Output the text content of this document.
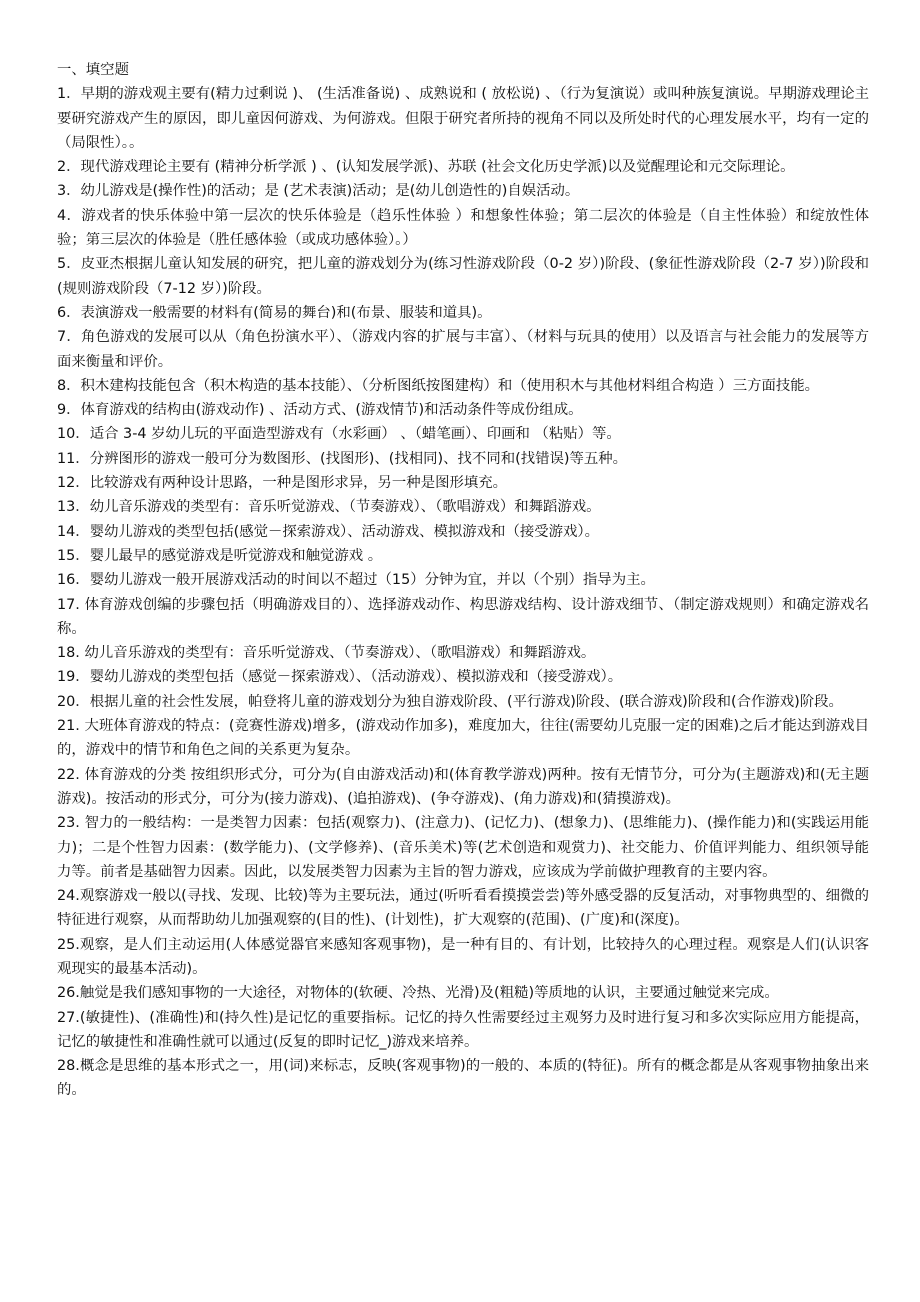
一、填空题

1．早期的游戏观主要有(精力过剩说 )、 (生活准备说) 、成熟说和 ( 放松说) 、（行为复演说）或叫种族复演说。早期游戏理论主要研究游戏产生的原因，即儿童因何游戏、为何游戏。但限于研究者所持的视角不同以及所处时代的心理发展水平，均有一定的（局限性）。。

2．现代游戏理论主要有 (精神分析学派 ) 、(认知发展学派)、苏联 (社会文化历史学派)以及觉醒理论和元交际理论。

3．幼儿游戏是(操作性)的活动；是 (艺术表演)活动；是(幼儿创造性的)自娱活动。

4．游戏者的快乐体验中第一层次的快乐体验是（趋乐性体验 ）和想象性体验；第二层次的体验是（自主性体验）和绽放性体验；第三层次的体验是（胜任感体验（或成功感体验）。）

5．皮亚杰根据儿童认知发展的研究，把儿童的游戏划分为(练习性游戏阶段（0-2 岁）)阶段、(象征性游戏阶段（2-7 岁）)阶段和(规则游戏阶段（7-12 岁）)阶段。

6．表演游戏一般需要的材料有(简易的舞台)和(布景、服装和道具)。

7．角色游戏的发展可以从（角色扮演水平）、（游戏内容的扩展与丰富）、（材料与玩具的使用）以及语言与社会能力的发展等方面来衡量和评价。

8．积木建构技能包含（积木构造的基本技能）、（分析图纸按图建构）和（使用积木与其他材料组合构造 ）三方面技能。

9．体育游戏的结构由(游戏动作) 、活动方式、(游戏情节)和活动条件等成份组成。

10．适合 3-4 岁幼儿玩的平面造型游戏有（水彩画） 、（蜡笔画）、印画和 （粘贴）等。

11．分辨图形的游戏一般可分为数图形、(找图形)、(找相同)、找不同和(找错误)等五种。

12．比较游戏有两种设计思路，一种是图形求异，另一种是图形填充。

13．幼儿音乐游戏的类型有：音乐听觉游戏、（节奏游戏）、（歌唱游戏）和舞蹈游戏。

14．婴幼儿游戏的类型包括(感觉－探索游戏）、活动游戏、模拟游戏和（接受游戏）。

15．婴儿最早的感觉游戏是听觉游戏和触觉游戏 。

16．婴幼儿游戏一般开展游戏活动的时间以不超过（15）分钟为宜，并以（个别）指导为主。

17. 体育游戏创编的步骤包括（明确游戏目的）、选择游戏动作、构思游戏结构、设计游戏细节、（制定游戏规则）和确定游戏名称。

18. 幼儿音乐游戏的类型有：音乐听觉游戏、（节奏游戏）、（歌唱游戏）和舞蹈游戏。

19．婴幼儿游戏的类型包括（感觉－探索游戏）、（活动游戏）、模拟游戏和（接受游戏）。

20．根据儿童的社会性发展，帕登将儿童的游戏划分为独自游戏阶段、(平行游戏)阶段、(联合游戏)阶段和(合作游戏)阶段。

21. 大班体育游戏的特点：(竞赛性游戏)增多，(游戏动作加多)，难度加大，往往(需要幼儿克服一定的困难)之后才能达到游戏目的，游戏中的情节和角色之间的关系更为复杂。

22. 体育游戏的分类 按组织形式分，可分为(自由游戏活动)和(体育教学游戏)两种。按有无情节分，可分为(主题游戏)和(无主题游戏)。按活动的形式分，可分为(接力游戏)、(追拍游戏)、(争夺游戏)、(角力游戏)和(猜摸游戏)。

23. 智力的一般结构：一是类智力因素：包括(观察力)、(注意力)、(记忆力)、(想象力)、(思维能力)、(操作能力)和(实践运用能力)；二是个性智力因素：(数学能力)、(文学修养)、(音乐美术)等(艺术创造和观赏力)、社交能力、价值评判能力、组织领导能力等。前者是基础智力因素。因此，以发展类智力因素为主旨的智力游戏，应该成为学前做护理教育的主要内容。

24.观察游戏一般以(寻找、发现、比较)等为主要玩法，通过(听听看看摸摸尝尝)等外感受器的反复活动，对事物典型的、细微的特征进行观察，从而帮助幼儿加强观察的(目的性)、(计划性)，扩大观察的(范围)、(广度)和(深度)。

25.观察，是人们主动运用(人体感觉器官来感知客观事物)，是一种有目的、有计划，比较持久的心理过程。观察是人们(认识客观现实的最基本活动)。

26.触觉是我们感知事物的一大途径，对物体的(软硬、冷热、光滑)及(粗糙)等质地的认识，主要通过触觉来完成。

27.(敏捷性)、(准确性)和(持久性)是记忆的重要指标。记忆的持久性需要经过主观努力及时进行复习和多次实际应用方能提高，记忆的敏捷性和准确性就可以通过(反复的即时记忆_)游戏来培养。

28.概念是思维的基本形式之一，用(词)来标志，反映(客观事物)的一般的、本质的(特征)。所有的概念都是从客观事物抽象出来的。
